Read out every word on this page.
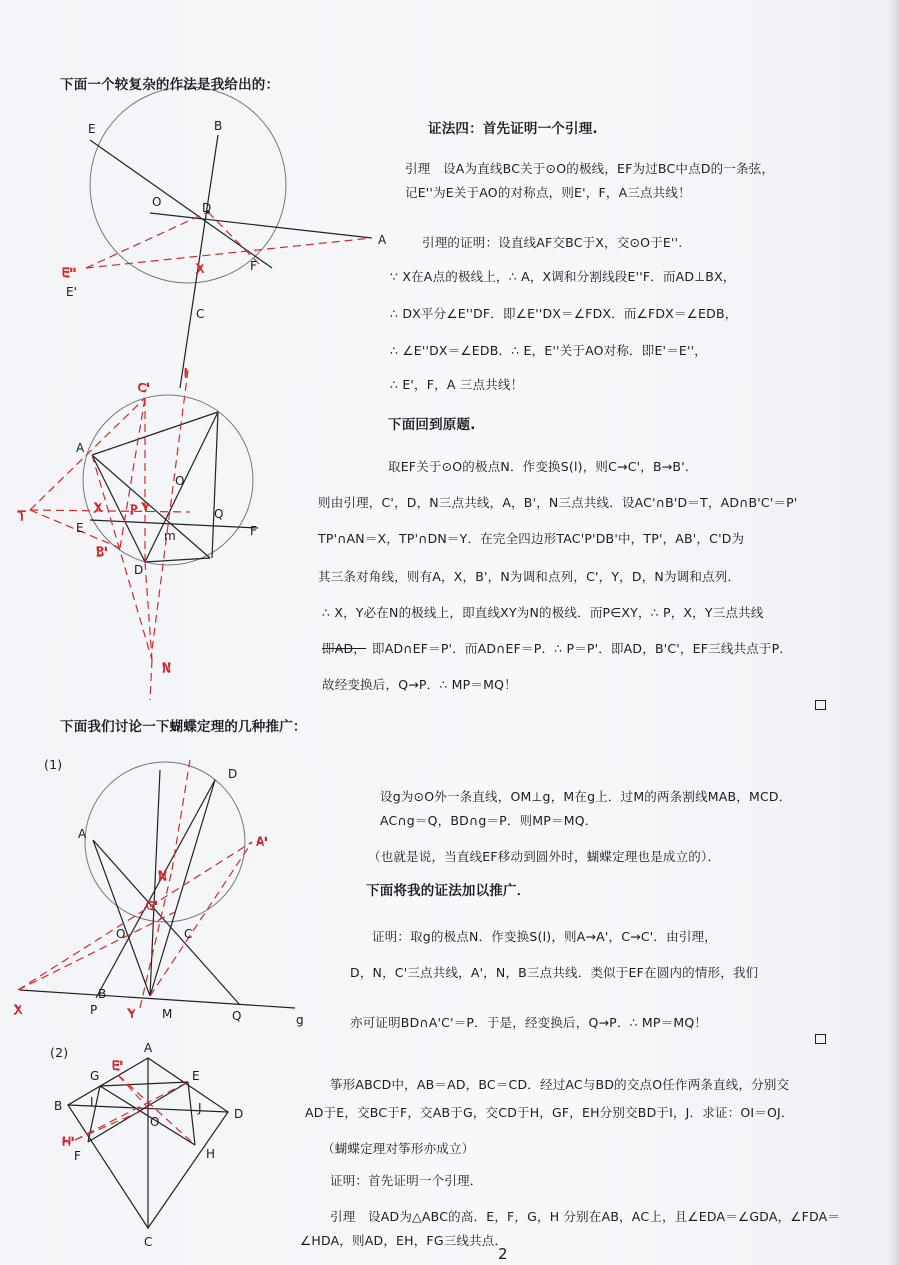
E	B
O	D
A
E''	X	F
E'
C
C'
l
A
O
T
X P Y	Q
F
E
B'
m
D
N
D
A
A'
N
C'
O	C
X	P	Y M	Q	g
B
A
G
E'
E
B I
O
J	D
H'
F	H
C
下面一个较复杂的作法是我给出的：
证法四：首先证明一个引理.
引理　设A为直线BC关于⊙O的极线，EF为过BC中点D的一条弦，
记E''为E关于AO的对称点，则E'，F，A三点共线！
引理的证明：设直线AF交BC于X，交⊙O于E''.
∵ X在A点的极线上，∴ A，X调和分割线段E''F．而AD⊥BX，
∴ DX平分∠E''DF．即∠E''DX＝∠FDX．而∠FDX＝∠EDB，
∴ ∠E''DX＝∠EDB．∴ E，E''关于AO对称．即E'＝E''，
∴ E'，F，A 三点共线！
下面回到原题.
取EF关于⊙O的极点N．作变换S(l)，则C→C'，B→B'．
则由引理，C'，D，N三点共线，A，B'，N三点共线．设AC'∩B'D＝T，AD∩B'C'＝P'
TP'∩AN＝X，TP'∩DN＝Y．在完全四边形TAC'P'DB'中，TP'，AB'，C'D为
其三条对角线，则有A，X，B'，N为调和点列，C'，Y，D，N为调和点列．
∴ X，Y必在N的极线上，即直线XY为N的极线．而P∈XY，∴ P，X，Y三点共线
即AD， 即AD∩EF＝P'．而AD∩EF＝P．∴ P＝P'．即AD，B'C'，EF三线共点于P．
故经变换后，Q→P．∴ MP＝MQ！
下面我们讨论一下蝴蝶定理的几种推广：
(1)
设g为⊙O外一条直线，OM⊥g，M在g上．过M的两条割线MAB，MCD．
AC∩g＝Q，BD∩g＝P．则MP＝MQ．
（也就是说，当直线EF移动到圆外时，蝴蝶定理也是成立的）．
下面将我的证法加以推广．
证明：取g的极点N．作变换S(l)，则A→A'，C→C'．由引理，
D，N，C'三点共线，A'，N，B三点共线．类似于EF在圆内的情形，我们
亦可证明BD∩A'C'＝P．于是，经变换后，Q→P．∴ MP＝MQ！
(2)
筝形ABCD中，AB＝AD，BC＝CD．经过AC与BD的交点O任作两条直线，分别交
AD于E，交BC于F，交AB于G，交CD于H，GF，EH分别交BD于I，J．求证：OI＝OJ．
（蝴蝶定理对筝形亦成立）
证明：首先证明一个引理．
引理　设AD为△ABC的高．E，F，G，H 分别在AB，AC上，且∠EDA＝∠GDA，∠FDA＝
∠HDA，则AD，EH，FG三线共点．
2
